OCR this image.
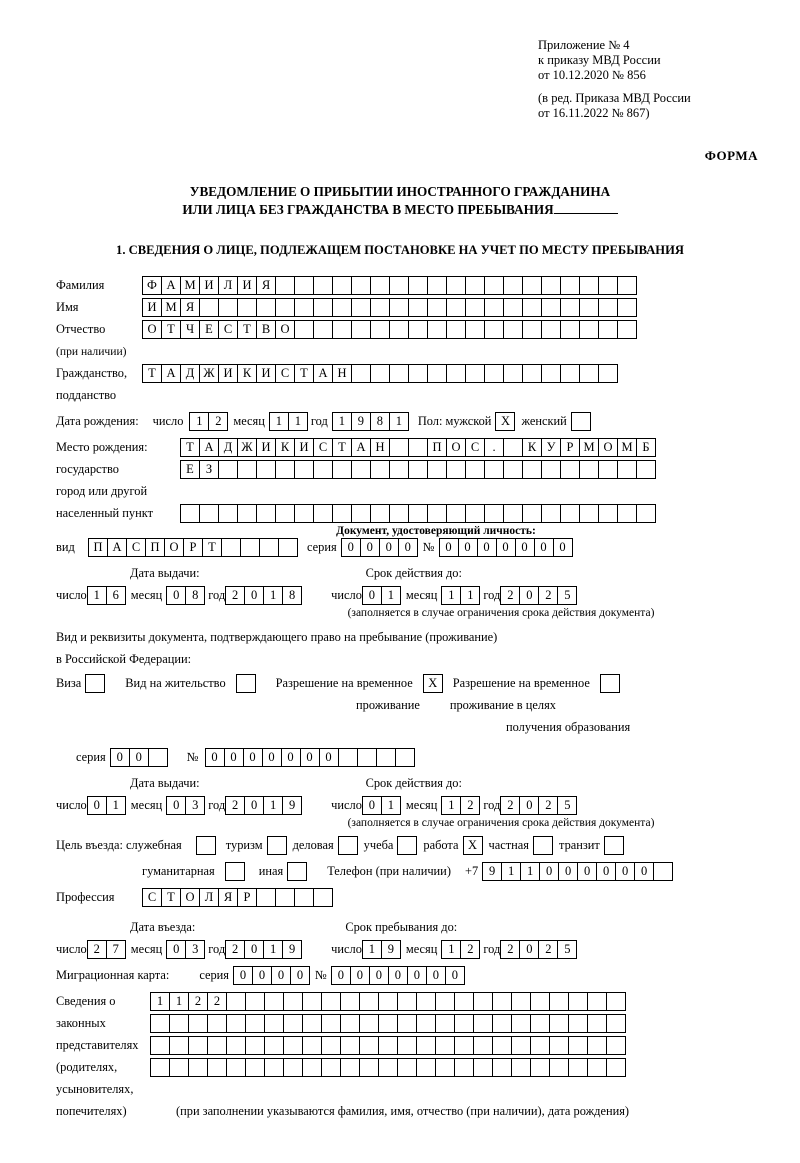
Приложение № 4
к приказу МВД России
от 10.12.2020 № 856
(в ред. Приказа МВД России
от 16.11.2022 № 867)
ФОРМА
УВЕДОМЛЕНИЕ О ПРИБЫТИИ ИНОСТРАННОГО ГРАЖДАНИНА
ИЛИ ЛИЦА БЕЗ ГРАЖДАНСТВА В МЕСТО ПРЕБЫВАНИЯ
1. СВЕДЕНИЯ О ЛИЦЕ, ПОДЛЕЖАЩЕМ ПОСТАНОВКЕ НА УЧЕТ ПО МЕСТУ ПРЕБЫВАНИЯ
Фамилия	Ф А М И Л И Я
Имя	И М Я
Отчество	О Т Ч Е С Т В О
(при наличии)
Гражданство,	Т А Д Ж И К И С Т А Н
подданство
Дата рождения: число	1	2 месяц 1	1 год 1	9	8	1	Пол: мужской X женский
Место рождения:	Т А Д Ж И К И С Т А Н	П О С	.	К У Р М О М Б
государство	Е З
город или другой
населенный пункт
Документ, удостоверяющий личность:
вид	П А С П О Р Т	серия 0	0	0	0 № 0	0	0	0	0	0	0
Дата выдачи:	Срок действия до:
число 1	6 месяц 0	8 год 2	0	1	8	число 0	1 месяц 1	1 год 2	0	2	5
(заполняется в случае ограничения срока действия документа)
Вид и реквизиты документа, подтверждающего право на пребывание (проживание)
в Российской Федерации:
Виза	Вид на жительство	Разрешение на временное	X	Разрешение на временное
проживание проживание в целях
получения образования
серия 0	0	№	0	0	0	0	0	0	0
Дата выдачи:	Срок действия до:
число 0	1 месяц 0	3 год 2	0	1	9	число 0	1 месяц 1	2 год 2	0	2	5
(заполняется в случае ограничения срока действия документа)
Цель въезда: служебная	туризм деловая учеба работа X частная транзит
гуманитарная	иная	Телефон (при наличии) +7 9	1	1	0	0	0	0	0	0
Профессия	С Т О Л Я Р
Дата въезда:	Срок пребывания до:
число 2	7 месяц 0	3 год 2	0	1	9	число 1	9 месяц 1	2 год 2	0	2	5
Миграционная карта: серия 0	0	0	0 № 0	0	0	0	0	0	0
Сведения о	1	1	2	2
законных
представителях
(родителях,
усыновителях,
попечителях)	(при заполнении указываются фамилия, имя, отчество (при наличии), дата рождения)
